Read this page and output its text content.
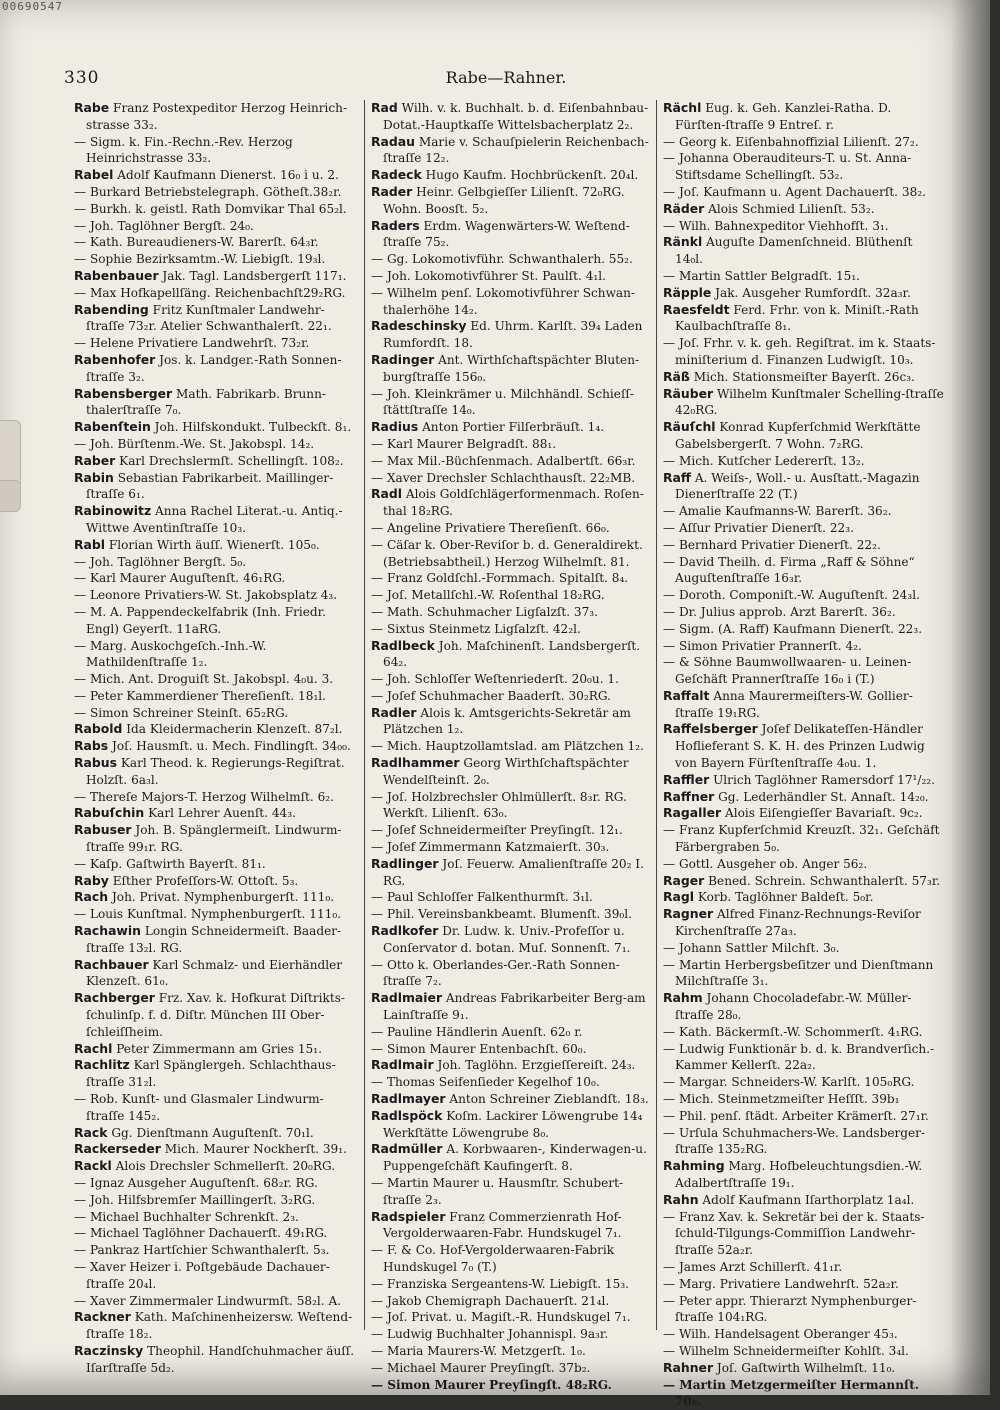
00690547
330	Rabe—Rahner.

Rabe Franz Postexpeditor Herzog Heinrich-strasse 33₂.

— Sigm. k. Fin.-Rechn.-Rev. Herzog Heinrichstrasse 33₂.

Rabel Adolf Kaufmann Dienerst. 16₀ i u. 2.

— Burkard Betriebstelegraph. Götheſt.38₂r.

— Burkh. k. geistl. Rath Domvikar Thal 65₂l.

— Joh. Taglöhner Bergſt. 24₀.

— Kath. Bureaudieners-W. Barerſt. 64₃r.

— Sophie Bezirksamtm.-W. Liebigſt. 19₃l.

Rabenbauer Jak. Tagl. Landsbergerſt 117₁.

— Max Hofkapellſäng. Reichenbachſt29₂RG.

Rabending Fritz Kunſtmaler Landwehr-ſtraſſe 73₂r. Atelier Schwanthalerſt. 22₁.

— Helene Privatiere Landwehrſt. 73₂r.

Rabenhofer Jos. k. Landger.-Rath Sonnen-ſtraſſe 3₂.

Rabensberger Math. Fabrikarb. Brunn-thalerſtraſſe 7₀.

Rabenſtein Joh. Hilfskondukt. Tulbeckſt. 8₁.

— Joh. Bürſtenm.-We. St. Jakobspl. 14₂.

Raber Karl Drechslermſt. Schellingſt. 108₂.

Rabin Sebastian Fabrikarbeit. Maillinger-ſtraſſe 6₁.

Rabinowitz Anna Rachel Literat.-u. Antiq.-Wittwe Aventinſtraſſe 10₃.

Rabl Florian Wirth äuſſ. Wienerſt. 105₀.

— Joh. Taglöhner Bergſt. 5₀.

— Karl Maurer Auguſtenſt. 46₁RG.

— Leonore Privatiers-W. St. Jakobsplatz 4₃.

— M. A. Pappendeckelfabrik (Inh. Friedr. Engl) Geyerſt. 11aRG.

— Marg. Auskochgeſch.-Inh.-W. Mathildenſtraſſe 1₂.

— Mich. Ant. Droguiſt St. Jakobspl. 4₀u. 3.

— Peter Kammerdiener Thereſienſt. 18₁l.

— Simon Schreiner Steinſt. 65₂RG.

Rabold Ida Kleidermacherin Klenzeſt. 87₂l.

Rabs Joſ. Hausmſt. u. Mech. Findlingſt. 34₀₀.

Rabus Karl Theod. k. Regierungs-Regiſtrat. Holzſt. 6a₃l.

— Thereſe Majors-T. Herzog Wilhelmſt. 6₂.

Rabuſchin Karl Lehrer Auenſt. 44₃.

Rabuser Joh. B. Spänglermeiſt. Lindwurm-ſtraſſe 99₁r. RG.

— Kaſp. Gaſtwirth Bayerſt. 81₁.

Raby Eſther Profeſſors-W. Ottoſt. 5₃.

Rach Joh. Privat. Nymphenburgerſt. 111₀.

— Louis Kunſtmal. Nymphenburgerſt. 111₀.

Rachawin Longin Schneidermeiſt. Baader-ſtraſſe 13₂l. RG.

Rachbauer Karl Schmalz- und Eierhändler Klenzeſt. 61₀.

Rachberger Frz. Xav. k. Hofkurat Diſtrikts-ſchulinſp. f. d. Diſtr. München III Ober-ſchleiſſheim.

Rachl Peter Zimmermann am Gries 15₁.

Rachlitz Karl Spänglergeh. Schlachthaus-ſtraſſe 31₂l.

— Rob. Kunſt- und Glasmaler Lindwurm-ſtraſſe 145₂.

Rack Gg. Dienſtmann Auguſtenſt. 70₁l.

Rackerseder Mich. Maurer Nockherſt. 39₁.

Rackl Alois Drechsler Schmellerſt. 20₀RG.

— Ignaz Ausgeher Auguſtenſt. 68₂r. RG.

— Joh. Hilfsbremſer Maillingerſt. 3₂RG.

— Michael Buchhalter Schrenkſt. 2₃.

— Michael Taglöhner Dachauerſt. 49₁RG.

— Pankraz Hartſchier Schwanthalerſt. 5₃.

— Xaver Heizer i. Poſtgebäude Dachauer-ſtraſſe 20₄l.

— Xaver Zimmermaler Lindwurmſt. 58₂l. A.

Rackner Kath. Maſchinenheizersw. Weſtend-ſtraſſe 18₂.

Raczinsky Theophil. Handſchuhmacher äuſſ. Iſarſtraſſe 5d₂.

Rad Wilh. v. k. Buchhalt. b. d. Eiſenbahnbau-Dotat.-Hauptkaſſe Wittelsbacherplatz 2₂.

Radau Marie v. Schauſpielerin Reichenbach-ſtraſſe 12₂.

Radeck Hugo Kaufm. Hochbrückenſt. 20₄l.

Rader Heinr. Gelbgieſſer Lilienſt. 72₀RG. Wohn. Boosſt. 5₂.

Raders Erdm. Wagenwärters-W. Weſtend-ſtraſſe 75₂.

— Gg. Lokomotivführ. Schwanthalerh. 55₂.

— Joh. Lokomotivführer St. Paulſt. 4₁l.

— Wilhelm penſ. Lokomotivführer Schwan-thalerhöhe 14₂.

Radeschinsky Ed. Uhrm. Karlſt. 39₄ Laden Rumfordſt. 18.

Radinger Ant. Wirthſchaftspächter Bluten-burgſtraſſe 156₀.

— Joh. Kleinkrämer u. Milchhändl. Schieſſ-ſtättſtraſſe 14₀.

Radius Anton Portier Filſerbräuſt. 1₄.

— Karl Maurer Belgradſt. 88₁.

— Max Mil.-Büchſenmach. Adalbertſt. 66₃r.

— Xaver Drechsler Schlachthausſt. 22₂MB.

Radl Alois Goldſchlägerformenmach. Roſen-thal 18₂RG.

— Angeline Privatiere Thereſienſt. 66₀.

— Cäſar k. Ober-Reviſor b. d. Generaldirekt. (Betriebsabtheil.) Herzog Wilhelmſt. 81.

— Franz Goldſchl.-Formmach. Spitalſt. 8₄.

— Joſ. Metallſchl.-W. Roſenthal 18₂RG.

— Math. Schuhmacher Ligſalzſt. 37₃.

— Sixtus Steinmetz Ligſalzſt. 42₂l.

Radlbeck Joh. Maſchinenſt. Landsbergerſt. 64₂.

— Joh. Schloſſer Weſtenriederſt. 20₀u. 1.

— Joſef Schuhmacher Baaderſt. 30₂RG.

Radler Alois k. Amtsgerichts-Sekretär am Plätzchen 1₂.

— Mich. Hauptzollamtslad. am Plätzchen 1₂.

Radlhammer Georg Wirthſchaftspächter Wendelſteinſt. 2₀.

— Joſ. Holzbrechsler Ohlmüllerſt. 8₃r. RG. Werkſt. Lilienſt. 63₀.

— Joſef Schneidermeiſter Preyſingſt. 12₁.

— Joſef Zimmermann Katzmaierſt. 30₃.

Radlinger Joſ. Feuerw. Amalienſtraſſe 20₂ I. RG.

— Paul Schloſſer Falkenthurmſt. 3₁l.

— Phil. Vereinsbankbeamt. Blumenſt. 39₀l.

Radlkofer Dr. Ludw. k. Univ.-Profeſſor u. Conſervator d. botan. Muſ. Sonnenſt. 7₁.

— Otto k. Oberlandes-Ger.-Rath Sonnen-ſtraſſe 7₂.

Radlmaier Andreas Fabrikarbeiter Berg-am Lainſtraſſe 9₁.

— Pauline Händlerin Auenſt. 62₀ r.

— Simon Maurer Entenbachſt. 60₀.

Radlmair Joh. Taglöhn. Erzgieſſereiſt. 24₃.

— Thomas Seifenſieder Kegelhof 10₀.

Radlmayer Anton Schreiner Zieblandſt. 18₃.

Radlspöck Koſm. Lackirer Löwengrube 14₄ Werkſtätte Löwengrube 8₀.

Radmüller A. Korbwaaren-, Kinderwagen-u. Puppengeſchäft Kaufingerſt. 8.

— Martin Maurer u. Hausmſtr. Schubert-ſtraſſe 2₃.

Radspieler Franz Commerzienrath Hof-Vergolderwaaren-Fabr. Hundskugel 7₁.

— F. & Co. Hof-Vergolderwaaren-Fabrik Hundskugel 7₀ (T.)

— Franziska Sergeantens-W. Liebigſt. 15₃.

— Jakob Chemigraph Dachauerſt. 21₄l.

— Joſ. Privat. u. Magiſt.-R. Hundskugel 7₁.

— Ludwig Buchhalter Johannispl. 9a₃r.

— Maria Maurers-W. Metzgerſt. 1₀.

— Michael Maurer Preyſingſt. 37b₂.

— Simon Maurer Preyſingſt. 48₂RG.

Rächl Eug. k. Geh. Kanzlei-Ratha. D. Fürſten-ſtraſſe 9 Entreſ. r.

— Georg k. Eiſenbahnoffizial Lilienſt. 27₂.

— Johanna Oberauditeurs-T. u. St. Anna-Stiftsdame Schellingſt. 53₂.

— Joſ. Kaufmann u. Agent Dachauerſt. 38₂.

Räder Alois Schmied Lilienſt. 53₂.

— Wilh. Bahnexpeditor Viehhofſt. 3₁.

Ränkl Auguſte Damenſchneid. Blüthenſt 14₀l.

— Martin Sattler Belgradſt. 15₁.

Räpple Jak. Ausgeher Rumfordſt. 32a₃r.

Raesfeldt Ferd. Frhr. von k. Miniſt.-Rath Kaulbachſtraſſe 8₁.

— Joſ. Frhr. v. k. geh. Regiſtrat. im k. Staats-miniſterium d. Finanzen Ludwigſt. 10₃.

Räß Mich. Stationsmeiſter Bayerſt. 26c₃.

Räuber Wilhelm Kunſtmaler Schelling-ſtraſſe 42₀RG.

Räuſchl Konrad Kupferſchmid Werkſtätte Gabelsbergerſt. 7 Wohn. 7₂RG.

— Mich. Kutſcher Ledererſt. 13₂.

Raff A. Weiſs-, Woll.- u. Ausſtatt.-Magazin Dienerſtraſſe 22 (T.)

— Amalie Kaufmanns-W. Barerſt. 36₂.

— Aſſur Privatier Dienerſt. 22₃.

— Bernhard Privatier Dienerſt. 22₂.

— David Theilh. d. Firma „Raff & Söhne“ Auguſtenſtraſſe 16₃r.

— Doroth. Componiſt.-W. Auguſtenſt. 24₃l.

— Dr. Julius approb. Arzt Barerſt. 36₂.

— Sigm. (A. Raff) Kaufmann Dienerſt. 22₃.

— Simon Privatier Prannerſt. 4₂.

— & Söhne Baumwollwaaren- u. Leinen-Geſchäft Prannerſtraſſe 16₀ i (T.)

Raffalt Anna Maurermeiſters-W. Gollier-ſtraſſe 19₁RG.

Raffelsberger Joſef Delikateſſen-Händler Hoflieferant S. K. H. des Prinzen Ludwig von Bayern Fürſtenſtraſſe 4₀u. 1.

Raffler Ulrich Taglöhner Ramersdorf 17¹/₂₂.

Raffner Gg. Lederhändler St. Annaſt. 14₂₀.

Ragaller Alois Eiſengieſſer Bavariaſt. 9c₂.

— Franz Kupferſchmid Kreuzſt. 32₁. Geſchäft Färbergraben 5₀.

— Gottl. Ausgeher ob. Anger 56₂.

Rager Bened. Schrein. Schwanthalerſt. 57₃r.

Ragl Korb. Taglöhner Baldeſt. 5₀r.

Ragner Alfred Finanz-Rechnungs-Reviſor Kirchenſtraſſe 27a₃.

— Johann Sattler Milchſt. 3₀.

— Martin Herbergsbeſitzer und Dienſtmann Milchſtraſſe 3₁.

Rahm Johann Chocoladefabr.-W. Müller-ſtraſſe 28₀.

— Kath. Bäckermſt.-W. Schommerſt. 4₁RG.

— Ludwig Funktionär b. d. k. Brandverſich.-Kammer Kellerſt. 22a₂.

— Margar. Schneiders-W. Karlſt. 105₀RG.

— Mich. Steinmetzmeiſter Heſſſt. 39b₁

— Phil. penſ. ſtädt. Arbeiter Krämerſt. 27₁r.

— Urſula Schuhmachers-We. Landsberger-ſtraſſe 135₂RG.

Rahming Marg. Hofbeleuchtungsdien.-W. Adalbertſtraſſe 19₁.

Rahn Adolf Kaufmann Iſarthorplatz 1a₄l.

— Franz Xav. k. Sekretär bei der k. Staats-ſchuld-Tilgungs-Commiſſion Landwehr-ſtraſſe 52a₂r.

— James Arzt Schillerſt. 41₁r.

— Marg. Privatiere Landwehrſt. 52a₂r.

— Peter appr. Thierarzt Nymphenburger-ſtraſſe 104₁RG.

— Wilh. Handelsagent Oberanger 45₃.

— Wilhelm Schneidermeiſter Kohlſt. 3₄l.

Rahner Joſ. Gaſtwirth Wilhelmſt. 11₀.

— Martin Metzgermeiſter Hermannſt. 70₀.
